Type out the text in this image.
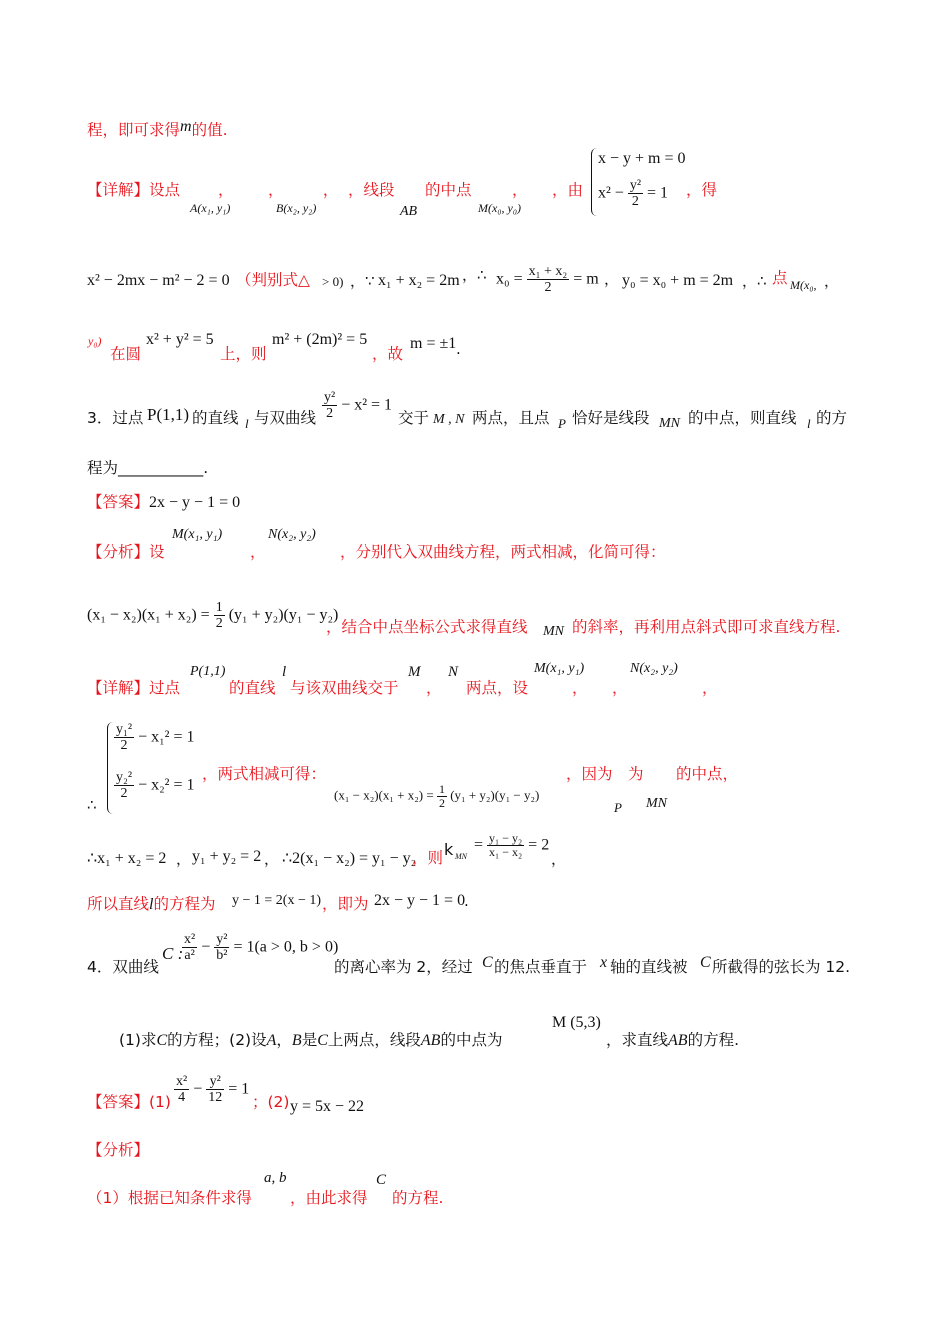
程，即可求得m的值.
【详解】设点 ，       ，        ，
A(x₁, y₁)	B(x₂, y₂)
，线段
AB
的中点	，
M(x₀, y₀)
，由
x − y + m = 0
$x^2 - \frac{\text{y²}}{2} = 1$ ，得
x² − 2mx − m² − 2 = 0 （判别式△ > 0) ，∵ x₁ + x₂ = 2m ，∴ $x_0 = \frac{\text{x₁ + x₂}}{2} = m$ ， y₀ = x₀ + m = 2m ，∴ 点 M(x₀, ，
y₀)
在圆
x² + y² = 5
上，则
m² + (2m)² = 5
，故
m = ±1 .
3．过点 P(1,1) 的直线 l 与双曲线 $\frac{\text{y²}}{2} - x^2 = 1$
交于 M , N 两点，且点 P 恰好是线段 MN 的中点，则直线 l 的方
程为___________.
【答案】2x − y − 1 = 0
【分析】设
M(x₁, y₁)
，
N(x₂, y₂)
，分别代入双曲线方程，两式相减，化简可得：
$(x_1 - x_2)(x_1 + x_2) = \frac{1}{2} (y_1 + y_2)(y_1 - y_2)$
，结合中点坐标公式求得直线 MN 的斜率，再利用点斜式即可求直线方程.
【详解】过点
P(1,1)
的直线
l
与该双曲线交于
M
，
N
两点，设
M(x₁, y₁)
， ，
N(x₂, y₂)
，
∴
$\frac{\text{y₁²}}{2} - x_1^2 = 1$
$\frac{\text{y₂²}}{2} - x_2^2 = 1$
，两式相减可得：
$(x_1 - x_2)(x_1 + x_2) = \frac{1}{2} (y_1 + y_2)(y_1 - y_2)$
，因为
P
为
MN
的中点，
∴x₁ + x₂ = 2 ， y₁ + y₂ = 2 ， ∴2(x₁ − x₂) = y₁ − y₂
，则 k MN
= $\frac{\text{y₁ − y₂}}{\text{x₁ − x₂}} = 2$
，
所以直线l的方程为 y − 1 = 2(x − 1) ，即为 2x − y − 1 = 0
.
4．双曲线
C :
$\frac{\text{x²}}{\text{a²}} - \frac{\text{y²}}{\text{b²}} = 1(a > 0$, b > 0)
的离心率为 2，经过 C 的焦点垂直于 x 轴的直线被 C 所截得的弦长为 12.
(1)求C的方程；(2)设A，B是C上两点，线段AB的中点为
M (5,3)
，求直线AB的方程.
【答案】$(1) \frac{\text{x²}}{4} - \frac{\text{y²}}{12} = 1$
；(2) y = 5x − 22
【分析】
（1）根据已知条件求得
a, b
，由此求得
C
的方程.
